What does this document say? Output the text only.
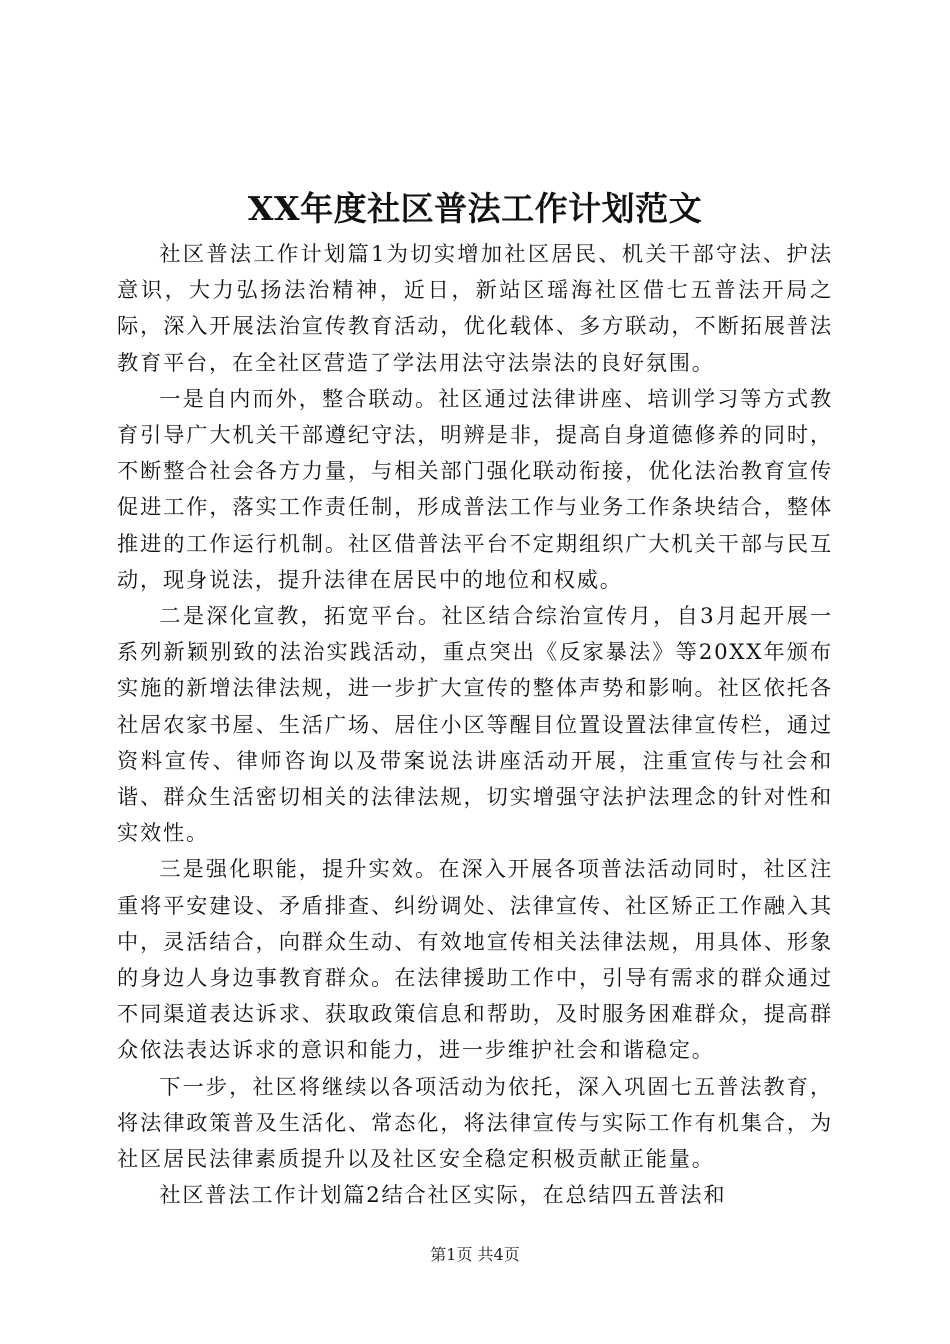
XX年度社区普法工作计划范文

社区普法工作计划篇1为切实增加社区居民、机关干部守法、护法意识，大力弘扬法治精神，近日，新站区瑶海社区借七五普法开局之际，深入开展法治宣传教育活动，优化载体、多方联动，不断拓展普法教育平台，在全社区营造了学法用法守法崇法的良好氛围。

一是自内而外，整合联动。社区通过法律讲座、培训学习等方式教育引导广大机关干部遵纪守法，明辨是非，提高自身道德修养的同时，不断整合社会各方力量，与相关部门强化联动衔接，优化法治教育宣传促进工作，落实工作责任制，形成普法工作与业务工作条块结合，整体推进的工作运行机制。社区借普法平台不定期组织广大机关干部与民互动，现身说法，提升法律在居民中的地位和权威。

二是深化宣教，拓宽平台。社区结合综治宣传月，自3月起开展一系列新颖别致的法治实践活动，重点突出《反家暴法》等20XX年颁布实施的新增法律法规，进一步扩大宣传的整体声势和影响。社区依托各社居农家书屋、生活广场、居住小区等醒目位置设置法律宣传栏，通过资料宣传、律师咨询以及带案说法讲座活动开展，注重宣传与社会和谐、群众生活密切相关的法律法规，切实增强守法护法理念的针对性和实效性。

三是强化职能，提升实效。在深入开展各项普法活动同时，社区注重将平安建设、矛盾排查、纠纷调处、法律宣传、社区矫正工作融入其中，灵活结合，向群众生动、有效地宣传相关法律法规，用具体、形象的身边人身边事教育群众。在法律援助工作中，引导有需求的群众通过不同渠道表达诉求、获取政策信息和帮助，及时服务困难群众，提高群众依法表达诉求的意识和能力，进一步维护社会和谐稳定。

下一步，社区将继续以各项活动为依托，深入巩固七五普法教育，将法律政策普及生活化、常态化，将法律宣传与实际工作有机集合，为社区居民法律素质提升以及社区安全稳定积极贡献正能量。

社区普法工作计划篇2结合社区实际，在总结四五普法和

第1页 共4页
